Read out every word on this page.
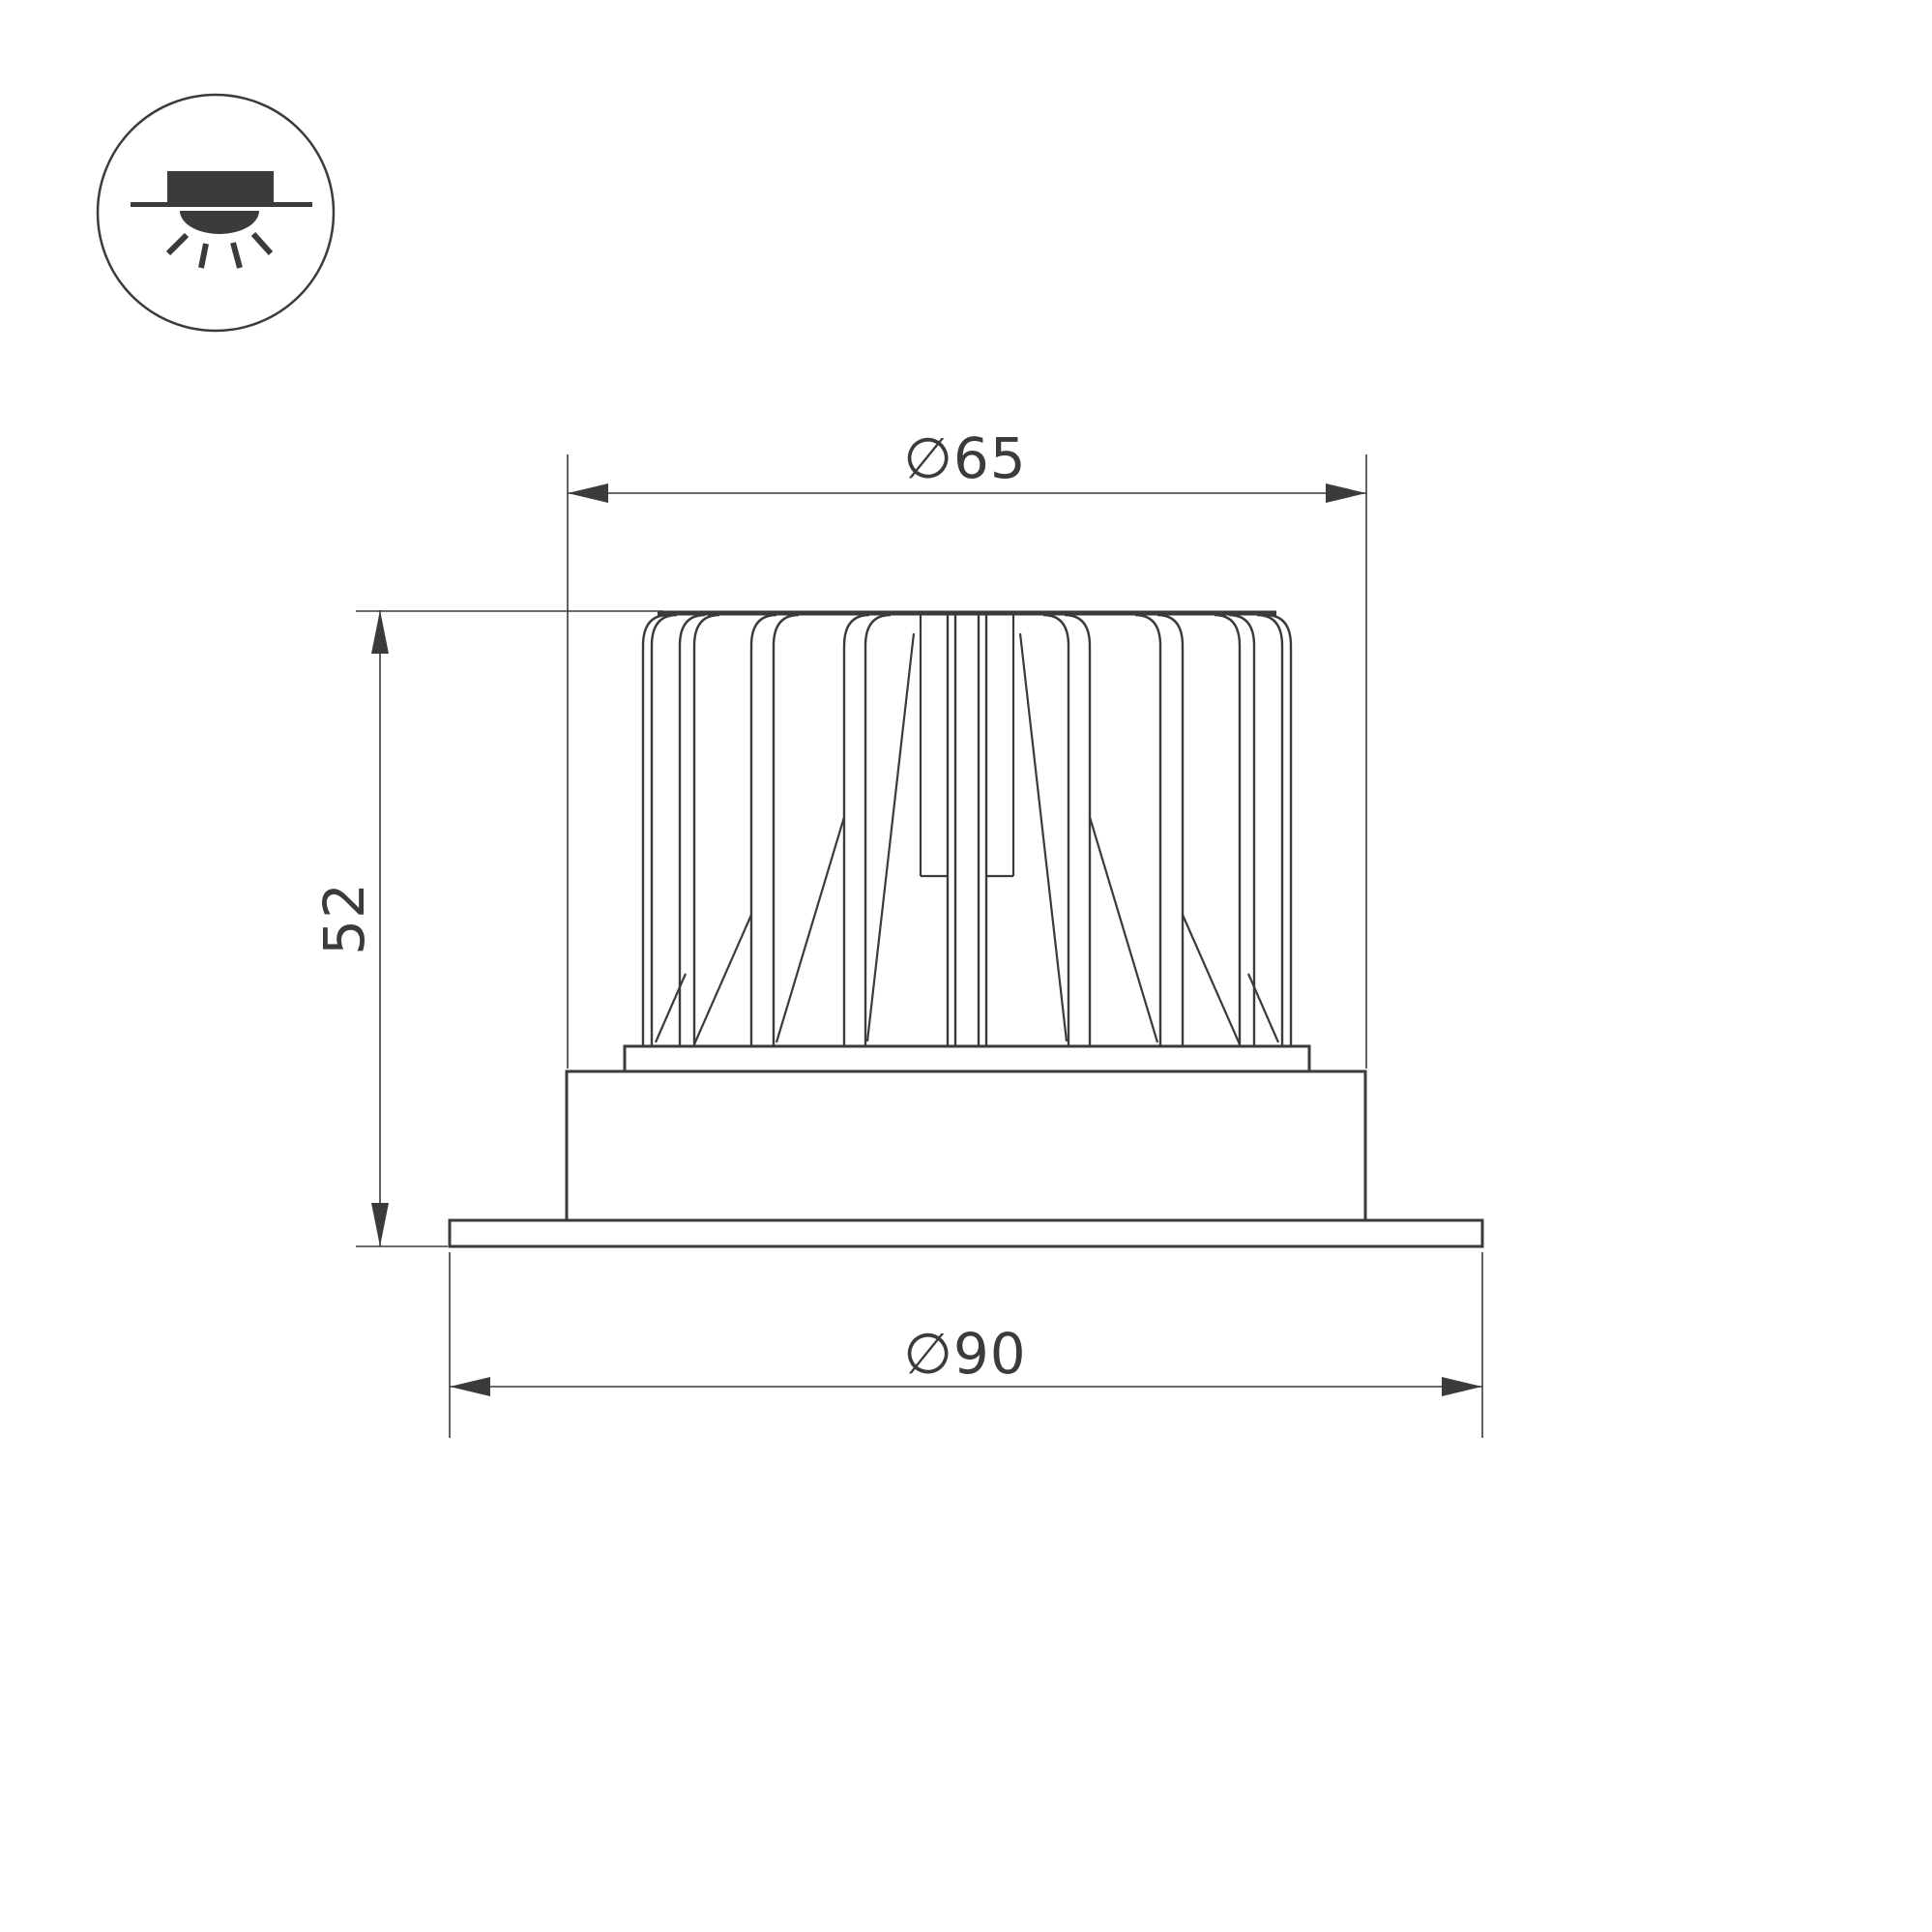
∅65
52
∅90
